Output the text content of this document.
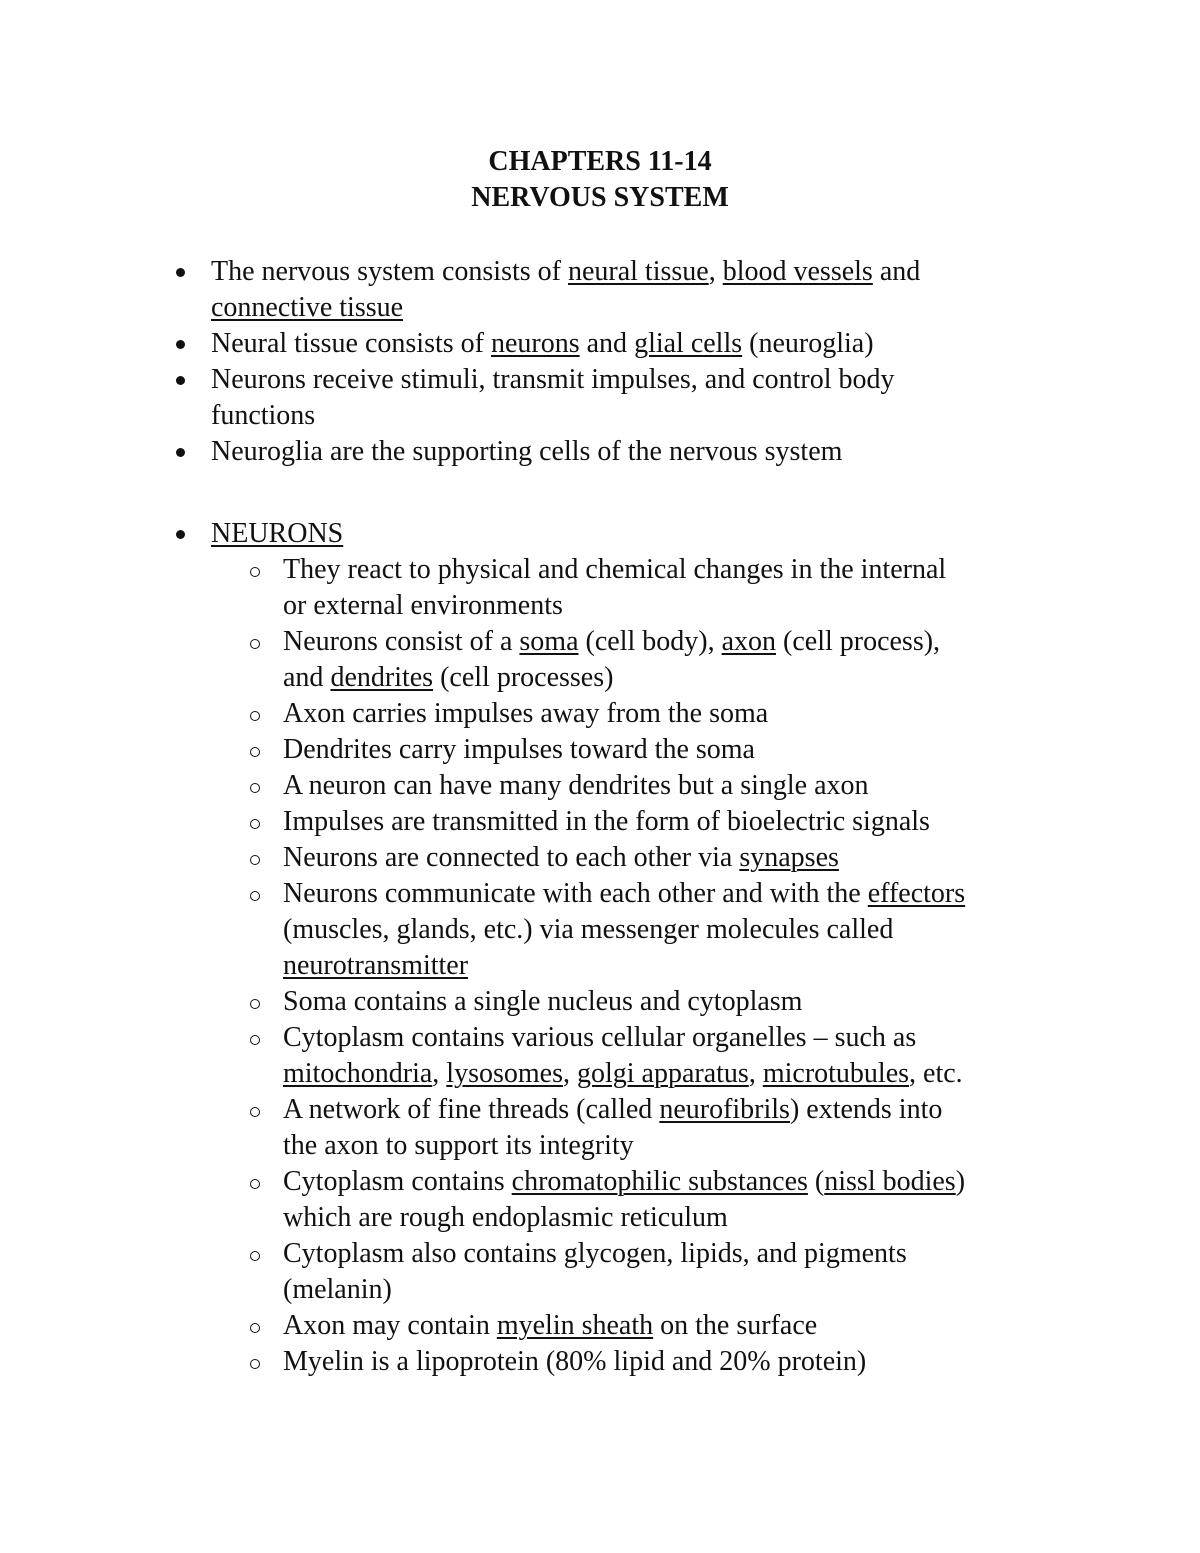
CHAPTERS 11-14
NERVOUS SYSTEM
The nervous system consists of neural tissue, blood vessels and
connective tissue
Neural tissue consists of neurons and glial cells (neuroglia)
Neurons receive stimuli, transmit impulses, and control body
functions
Neuroglia are the supporting cells of the nervous system
NEURONS
They react to physical and chemical changes in the internal
or external environments
Neurons consist of a soma (cell body), axon (cell process),
and dendrites (cell processes)
Axon carries impulses away from the soma
Dendrites carry impulses toward the soma
A neuron can have many dendrites but a single axon
Impulses are transmitted in the form of bioelectric signals
Neurons are connected to each other via synapses
Neurons communicate with each other and with the effectors
(muscles, glands, etc.) via messenger molecules called
neurotransmitter
Soma contains a single nucleus and cytoplasm
Cytoplasm contains various cellular organelles – such as
mitochondria, lysosomes, golgi apparatus, microtubules, etc.
A network of fine threads (called neurofibrils) extends into
the axon to support its integrity
Cytoplasm contains chromatophilic substances (nissl bodies)
which are rough endoplasmic reticulum
Cytoplasm also contains glycogen, lipids, and pigments
(melanin)
Axon may contain myelin sheath on the surface
Myelin is a lipoprotein (80% lipid and 20% protein)
